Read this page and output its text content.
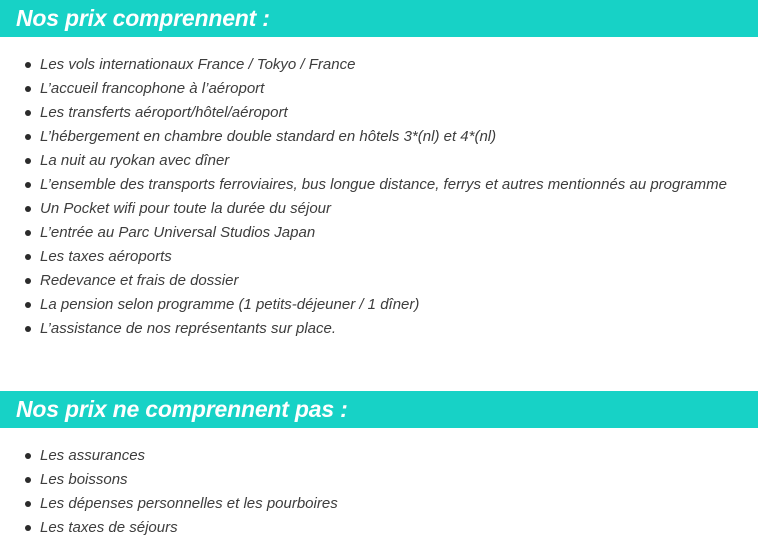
Nos prix comprennent :
Les vols internationaux France / Tokyo / France
L’accueil francophone à l’aéroport
Les transferts aéroport/hôtel/aéroport
L’hébergement en chambre double standard en hôtels 3*(nl) et 4*(nl)
La nuit au ryokan avec dîner
L’ensemble des transports ferroviaires, bus longue distance, ferrys et autres mentionnés au programme
Un Pocket wifi pour toute la durée du séjour
L’entrée au Parc Universal Studios Japan
Les taxes aéroports
Redevance et frais de dossier
La pension selon programme (1 petits-déjeuner / 1 dîner)
L’assistance de nos représentants sur place.
Nos prix ne comprennent pas :
Les assurances
Les boissons
Les dépenses personnelles et les pourboires
Les taxes de séjours
